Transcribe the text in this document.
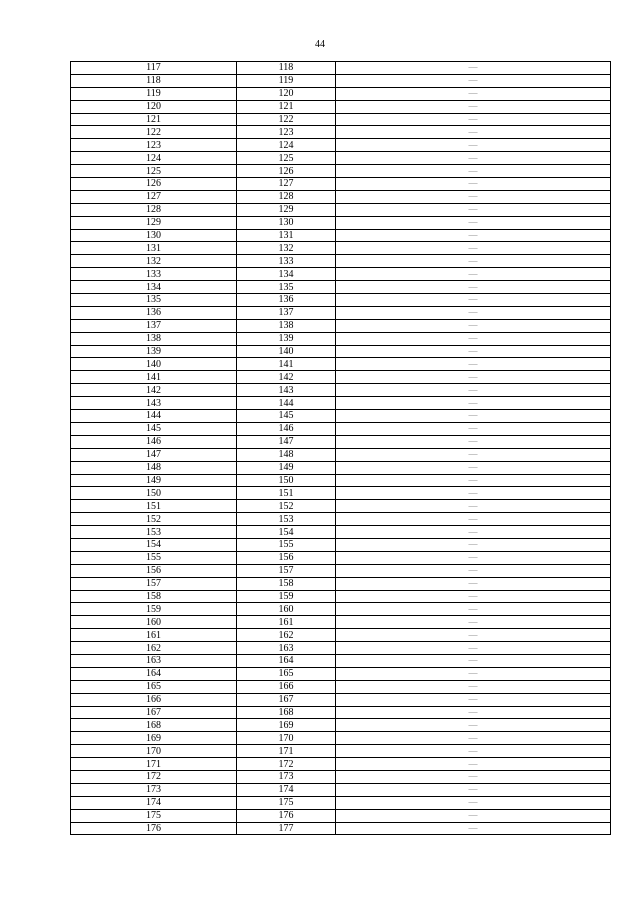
44
117	118	—
118	119	—
119	120	—
120	121	—
121	122	—
122	123	—
123	124	—
124	125	—
125	126	—
126	127	—
127	128	—
128	129	—
129	130	—
130	131	—
131	132	—
132	133	—
133	134	—
134	135	—
135	136	—
136	137	—
137	138	—
138	139	—
139	140	—
140	141	—
141	142	—
142	143	—
143	144	—
144	145	—
145	146	—
146	147	—
147	148	—
148	149	—
149	150	—
150	151	—
151	152	—
152	153	—
153	154	—
154	155	—
155	156	—
156	157	—
157	158	—
158	159	—
159	160	—
160	161	—
161	162	—
162	163	—
163	164	—
164	165	—
165	166	—
166	167	—
167	168	—
168	169	—
169	170	—
170	171	—
171	172	—
172	173	—
173	174	—
174	175	—
175	176	—
176	177	—
